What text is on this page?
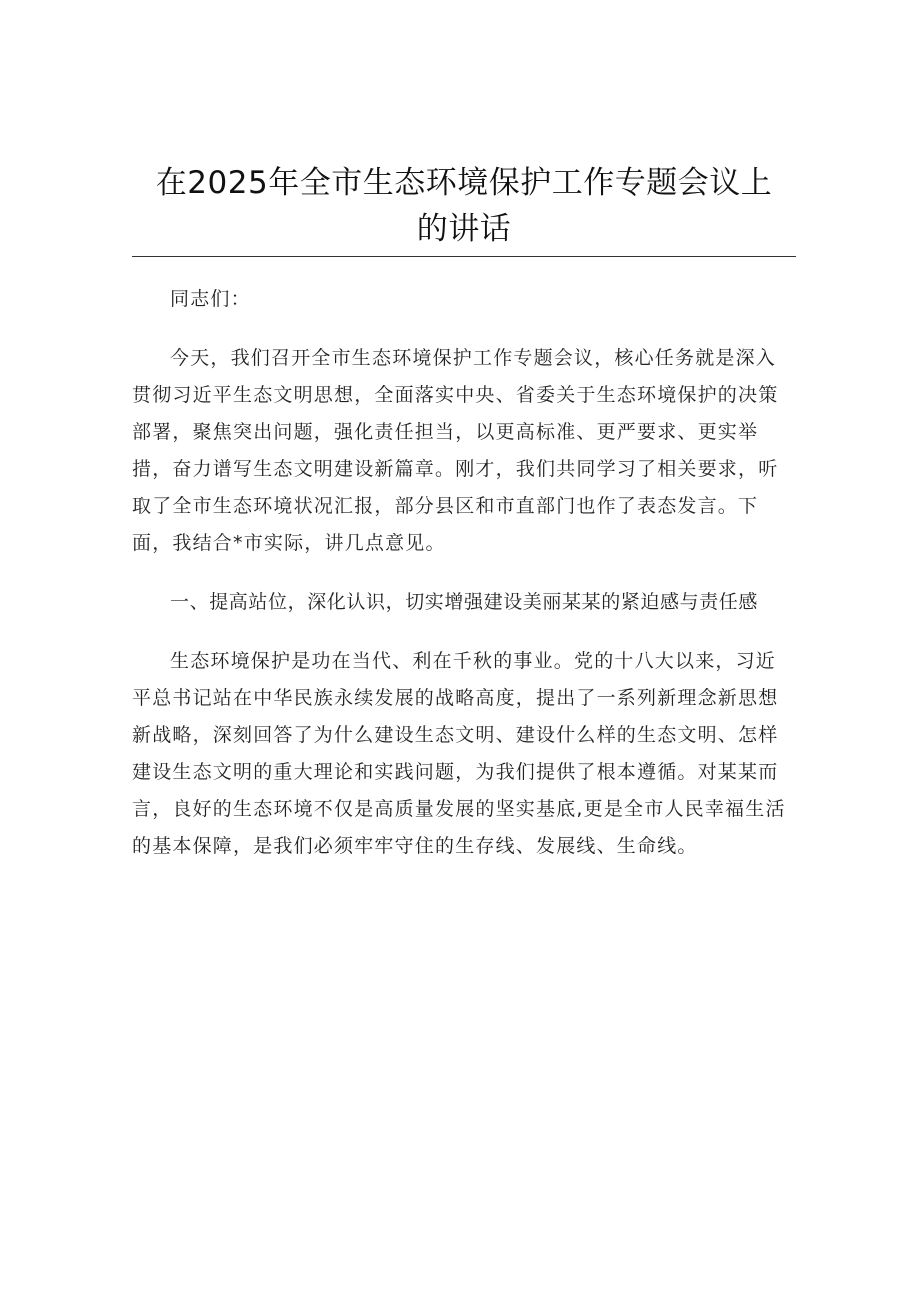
在2025年全市生态环境保护工作专题会议上
的讲话

同志们：

今天，我们召开全市生态环境保护工作专题会议，核心任务就是深入贯彻习近平生态文明思想，全面落实中央、省委关于生态环境保护的决策部署，聚焦突出问题，强化责任担当，以更高标准、更严要求、更实举措，奋力谱写生态文明建设新篇章。刚才，我们共同学习了相关要求，听取了全市生态环境状况汇报，部分县区和市直部门也作了表态发言。下面，我结合*市实际，讲几点意见。

一、提高站位，深化认识，切实增强建设美丽某某的紧迫感与责任感

生态环境保护是功在当代、利在千秋的事业。党的十八大以来，习近平总书记站在中华民族永续发展的战略高度，提出了一系列新理念新思想新战略，深刻回答了为什么建设生态文明、建设什么样的生态文明、怎样建设生态文明的重大理论和实践问题，为我们提供了根本遵循。对某某而言，良好的生态环境不仅是高质量发展的坚实基底,更是全市人民幸福生活的基本保障，是我们必须牢牢守住的生存线、发展线、生命线。
